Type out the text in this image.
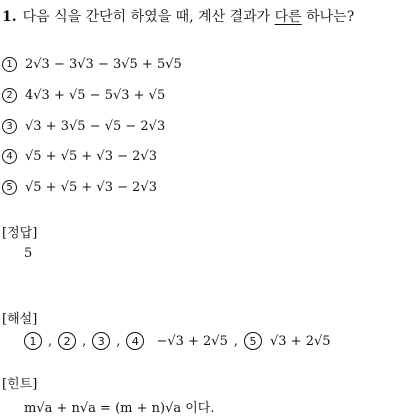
1. 다음 식을 간단히 하였을 때, 계산 결과가 다른 하나는?
1 2√3 − 3√3 − 3√5 + 5√5
2 4√3 + √5 − 5√3 + √5
3 √3 + 3√5 − √5 − 2√3
4 √5 + √5 + √3 − 2√3
5 √5 + √5 + √3 − 2√3
[정답]
5
[해설]
1 ,	2 ,	3 ,	4	−√3 + 2√5 ,	5	√3 + 2√5
[힌트]
m√a + n√a = (m + n)√a 이다.
